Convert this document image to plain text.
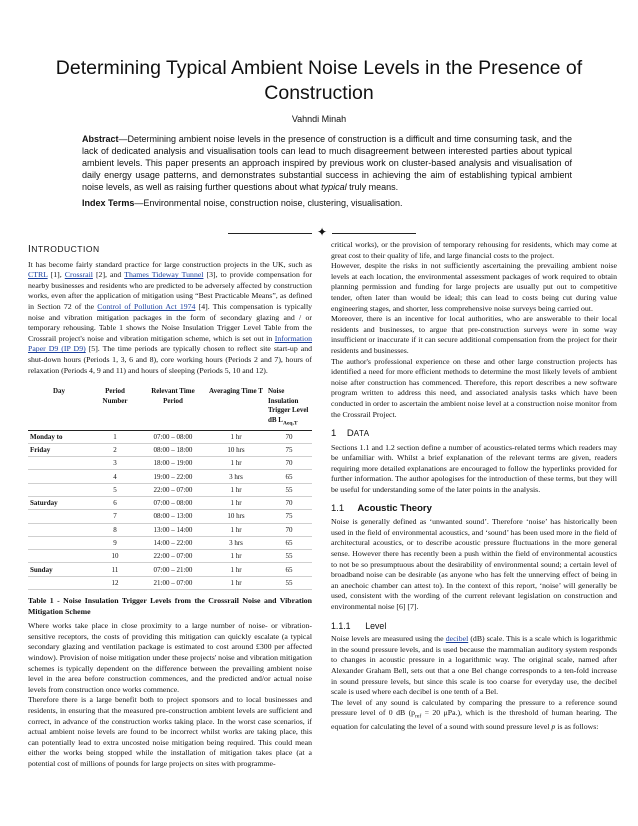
Determining Typical Ambient Noise Levels in the Presence of Construction
Vahndi Minah
Abstract—Determining ambient noise levels in the presence of construction is a difficult and time consuming task, and the lack of dedicated analysis and visualisation tools can lead to much disagreement between interested parties about typical ambient levels. This paper presents an approach inspired by previous work on cluster-based analysis and visualisation of daily energy usage patterns, and demonstrates substantial success in achieving the aim of establishing typical ambient noise levels, as well as raising further questions about what typical truly means.
Index Terms—Environmental noise, construction noise, clustering, visualisation.
✦
INTRODUCTION

It has become fairly standard practice for large construction projects in the UK, such as CTRL [1], Crossrail [2], and Thames Tideway Tunnel [3], to provide compensation for nearby businesses and residents who are predicted to be adversely affected by construction works, even after the application of mitigation using “Best Practicable Means”, as defined in Section 72 of the Control of Pollution Act 1974 [4]. This compensation is typically noise and vibration mitigation packages in the form of secondary glazing and / or temporary rehousing. Table 1 shows the Noise Insulation Trigger Level Table from the Crossrail project's noise and vibration mitigation scheme, which is set out in Information Paper D9 (IP D9) [5]. The time periods are typically chosen to reflect site start-up and shut-down hours (Periods 1, 3, 6 and 8), core working hours (Periods 2 and 7), hours of relaxation (Periods 4, 9 and 11) and hours of sleeping (Periods 5, 10 and 12).

Day	Period Number	Relevant Time Period	Averaging Time T	Noise Insulation Trigger Level dB $L_{Aeq,T}$
Monday to	1	07:00 – 08:00	1 hr	70
Friday	2	08:00 – 18:00	10 hrs	75
	3	18:00 – 19:00	1 hr	70
	4	19:00 – 22:00	3 hrs	65
	5	22:00 – 07:00	1 hr	55
Saturday	6	07:00 – 08:00	1 hr	70
	7	08:00 – 13:00	10 hrs	75
	8	13:00 – 14:00	1 hr	70
	9	14:00 – 22:00	3 hrs	65
	10	22:00 – 07:00	1 hr	55
Sunday	11	07:00 – 21:00	1 hr	65
	12	21:00 – 07:00	1 hr	55
Table 1 - Noise Insulation Trigger Levels from the Crossrail Noise and Vibration Mitigation Scheme

Where works take place in close proximity to a large number of noise- or vibration-sensitive receptors, the costs of providing this mitigation can quickly escalate (a typical secondary glazing and ventilation package is estimated to cost around £300 per affected window). Provision of noise mitigation under these projects' noise and vibration mitigation schemes is typically dependent on the difference between the prevailing ambient noise level in the area before construction commences, and the predicted and/or actual noise levels from construction once works commence.

Therefore there is a large benefit both to project sponsors and to local businesses and residents, in ensuring that the measured pre-construction ambient levels are sufficient and correct, in advance of the construction works taking place. In the worst case scenarios, if actual ambient noise levels are found to be incorrect whilst works are taking place, this can potentially lead to extra uncosted noise mitigation being required. This could mean either the works being stopped while the installation of mitigation takes place (at a potential cost of millions of pounds for large projects on sites with programme-

critical works), or the provision of temporary rehousing for residents, which may come at great cost to their quality of life, and large financial costs to the project.

However, despite the risks in not sufficiently ascertaining the prevailing ambient noise levels at each location, the environmental assessment packages of work required to obtain planning permission and funding for large projects are usually put out to competitive tender, often later than would be ideal; this can lead to costs being cut during value engineering stages, and shorter, less comprehensive noise surveys being carried out.

Moreover, there is an incentive for local authorities, who are answerable to their local residents and businesses, to argue that pre-construction surveys were in some way insufficient or inaccurate if it can secure additional compensation from the project for their residents and businesses.

The author's professional experience on these and other large construction projects has identified a need for more efficient methods to determine the most likely levels of ambient noise after construction has commenced. Therefore, this report describes a new software program written to address this need, and associated analysis tasks which have been conducted in order to ascertain the ambient noise level at a construction noise monitor from the Crossrail Project.

1 DATA

Sections 1.1 and 1.2 section define a number of acoustics-related terms which readers may be unfamiliar with. Whilst a brief explanation of the relevant terms are given, readers requiring more detailed explanations are encouraged to follow the hyperlinks provided for further information. The author apologises for the introduction of these terms, but they will be useful for understanding some of the later points in the analysis.

1.1 Acoustic Theory

Noise is generally defined as ‘unwanted sound’. Therefore ‘noise’ has historically been used in the field of environmental acoustics, and ‘sound’ has been used more in the field of architectural acoustics, or to describe acoustic pressure fluctuations in the more general sense. However there has recently been a push within the field of environmental acoustics to not be so presumptuous about the desirability of environmental sound; a certain level of broadband noise can be desirable (as anyone who has felt the unnerving effect of being in an anechoic chamber can attest to). In the context of this report, ‘noise’ will generally be used, consistent with the wording of the current relevant legislation on construction and environmental noise [6] [7].

1.1.1 Level

Noise levels are measured using the decibel (dB) scale. This is a scale which is logarithmic in the sound pressure levels, and is used because the mammalian auditory system responds to changes in acoustic pressure in a logarithmic way. The original scale, named after Alexander Graham Bell, sets out that a one Bel change corresponds to a ten-fold increase in sound pressure levels, but since this scale is too coarse for everyday use, the decibel scale is used where each decibel is one tenth of a Bel.

The level of any sound is calculated by comparing the pressure to a reference sound pressure level of 0 dB ($p_{ref} = 20$ μPa.), which is the threshold of human hearing. The equation for calculating the level of a sound with sound pressure level p is as follows:
